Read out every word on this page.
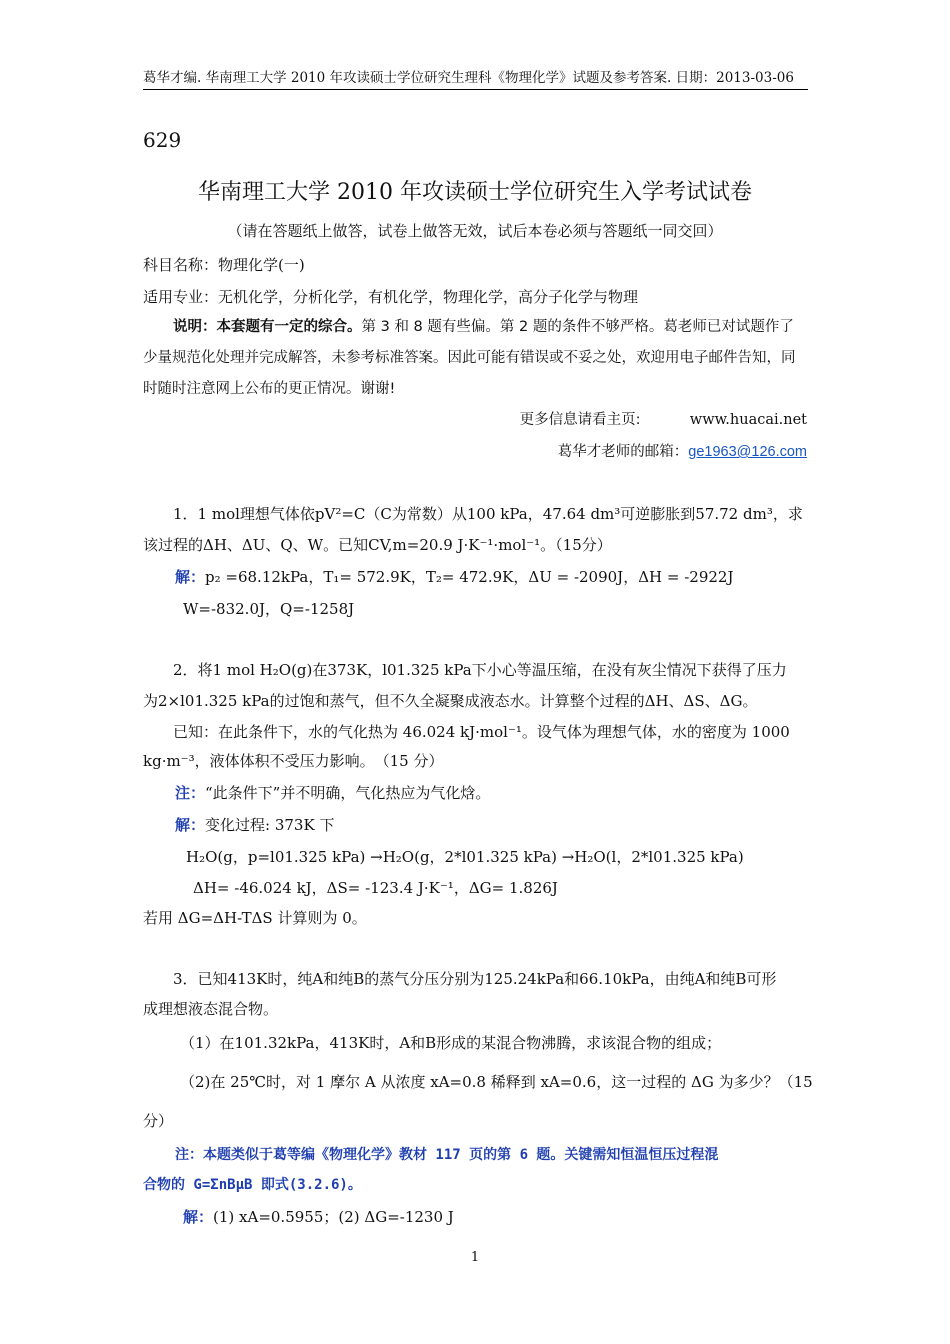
葛华才编. 华南理工大学 2010 年攻读硕士学位研究生理科《物理化学》试题及参考答案. 日期：2013-03-06
629
华南理工大学 2010 年攻读硕士学位研究生入学考试试卷
（请在答题纸上做答，试卷上做答无效，试后本卷必须与答题纸一同交回）
科目名称：物理化学(一)
适用专业：无机化学，分析化学，有机化学，物理化学，高分子化学与物理
说明：本套题有一定的综合。第 3 和 8 题有些偏。第 2 题的条件不够严格。葛老师已对试题作了少量规范化处理并完成解答，未参考标准答案。因此可能有错误或不妥之处，欢迎用电子邮件告知，同时随时注意网上公布的更正情况。谢谢!
更多信息请看主页:	www.huacai.net
葛华才老师的邮箱：ge1963@126.com
1．1 mol理想气体依pV²=C（C为常数）从100 kPa，47.64 dm³可逆膨胀到57.72 dm³，求
该过程的ΔH、ΔU、Q、W。已知CV,m=20.9 J·K⁻¹·mol⁻¹。（15分）
解：p₂ =68.12kPa，T₁= 572.9K，T₂= 472.9K，ΔU = -2090J，ΔH = -2922J
W=-832.0J，Q=-1258J
2．将1 mol H₂O(g)在373K，l01.325 kPa下小心等温压缩，在没有灰尘情况下获得了压力
为2×l01.325 kPa的过饱和蒸气，但不久全凝聚成液态水。计算整个过程的ΔH、ΔS、ΔG。
已知：在此条件下，水的气化热为 46.024 kJ·mol⁻¹。设气体为理想气体，水的密度为 1000
kg·m⁻³，液体体积不受压力影响。　（15 分）
注：“此条件下”并不明确，气化热应为气化焓。
解：变化过程: 373K 下
H₂O(g，p=l01.325 kPa) →H₂O(g，2*l01.325 kPa) →H₂O(l，2*l01.325 kPa)
ΔH= -46.024 kJ，ΔS= -123.4 J·K⁻¹，ΔG= 1.826J
若用 ΔG=ΔH-TΔS 计算则为 0。
3．已知413K时，纯A和纯B的蒸气分压分别为125.24kPa和66.10kPa，由纯A和纯B可形
成理想液态混合物。
（1）在101.32kPa，413K时，A和B形成的某混合物沸腾，求该混合物的组成；
（2)在 25℃时，对 1 摩尔 A 从浓度 xA=0.8 稀释到 xA=0.6，这一过程的 ΔG 为多少？（15
分）
注：本题类似于葛等编《物理化学》教材 117 页的第 6 题。关键需知恒温恒压过程混
合物的 G=ΣnBμB 即式(3.2.6)。
解：(1) xA=0.5955；(2) ΔG=-1230 J
1
